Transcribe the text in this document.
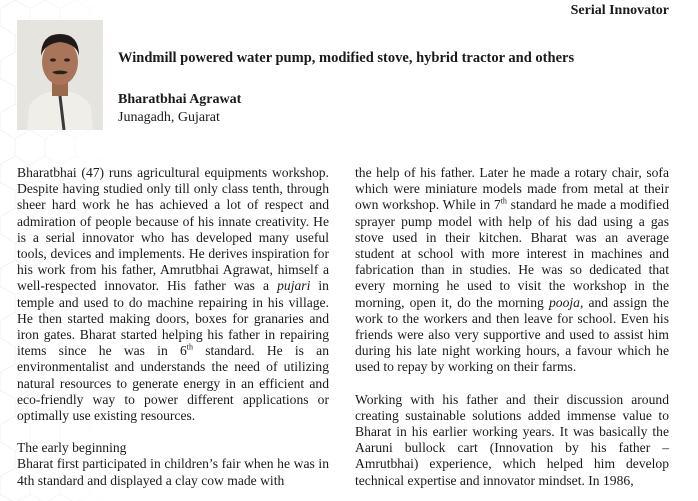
Serial Innovator
Windmill powered water pump, modified stove, hybrid tractor and others
Bharatbhai Agrawat
Junagadh, Gujarat

Bharatbhai (47) runs agricultural equipments workshop. Despite having studied only till only class tenth, through sheer hard work he has achieved a lot of respect and admiration of people because of his innate creativity. He is a serial innovator who has developed many useful tools, devices and implements. He derives inspiration for his work from his father, Amrutbhai Agrawat, himself a well-respected innovator. His father was a pujari in temple and used to do machine repairing in his village. He then started making doors, boxes for granaries and iron gates. Bharat started helping his father in repairing items since he was in 6th standard. He is an environmentalist and understands the need of utilizing natural resources to generate energy in an efficient and eco-friendly way to power different applications or optimally use existing resources.

The early beginning
Bharat first participated in children’s fair when he was in 4th standard and displayed a clay cow made with

the help of his father. Later he made a rotary chair, sofa which were miniature models made from metal at their own workshop. While in 7th standard he made a modified sprayer pump model with help of his dad using a gas stove used in their kitchen. Bharat was an average student at school with more interest in machines and fabrication than in studies. He was so dedicated that every morning he used to visit the workshop in the morning, open it, do the morning pooja, and assign the work to the workers and then leave for school. Even his friends were also very supportive and used to assist him during his late night working hours, a favour which he used to repay by working on their farms.

Working with his father and their discussion around creating sustainable solutions added immense value to Bharat in his earlier working years. It was basically the Aaruni bullock cart (Innovation by his father – Amrutbhai) experience, which helped him develop technical expertise and innovator mindset. In 1986,
